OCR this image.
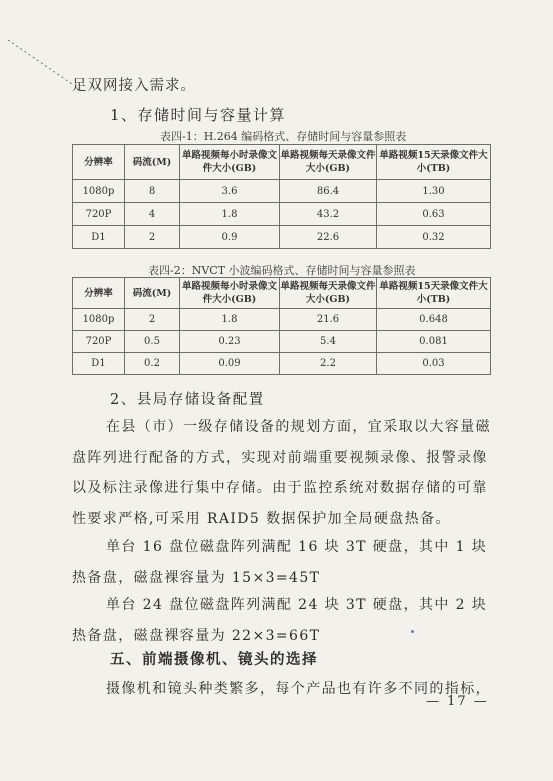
足双网接入需求。
1、存储时间与容量计算
表四-1：H.264 编码格式、存储时间与容量参照表
分辨率	码流(M)	单路视频每小时录像文件大小(GB)	单路视频每天录像文件大小(GB)	单路视频15天录像文件大小(TB)
1080p	8	3.6	86.4	1.30
720P	4	1.8	43.2	0.63
D1	2	0.9	22.6	0.32
表四-2：NVCT 小波编码格式、存储时间与容量参照表
分辨率	码流(M)	单路视频每小时录像文件大小(GB)	单路视频每天录像文件大小(GB)	单路视频15天录像文件大小(TB)
1080p	2	1.8	21.6	0.648
720P	0.5	0.23	5.4	0.081
D1	0.2	0.09	2.2	0.03
2、县局存储设备配置
在县（市）一级存储设备的规划方面，宜采取以大容量磁盘阵列进行配备的方式，实现对前端重要视频录像、报警录像以及标注录像进行集中存储。由于监控系统对数据存储的可靠性要求严格,可采用 RAID5 数据保护加全局硬盘热备。
单台 16 盘位磁盘阵列满配 16 块 3T 硬盘，其中 1 块热备盘，磁盘裸容量为 15×3=45T
单台 24 盘位磁盘阵列满配 24 块 3T 硬盘，其中 2 块热备盘，磁盘裸容量为 22×3=66T
五、前端摄像机、镜头的选择
摄像机和镜头种类繁多，每个产品也有许多不同的指标，
— 17 —
